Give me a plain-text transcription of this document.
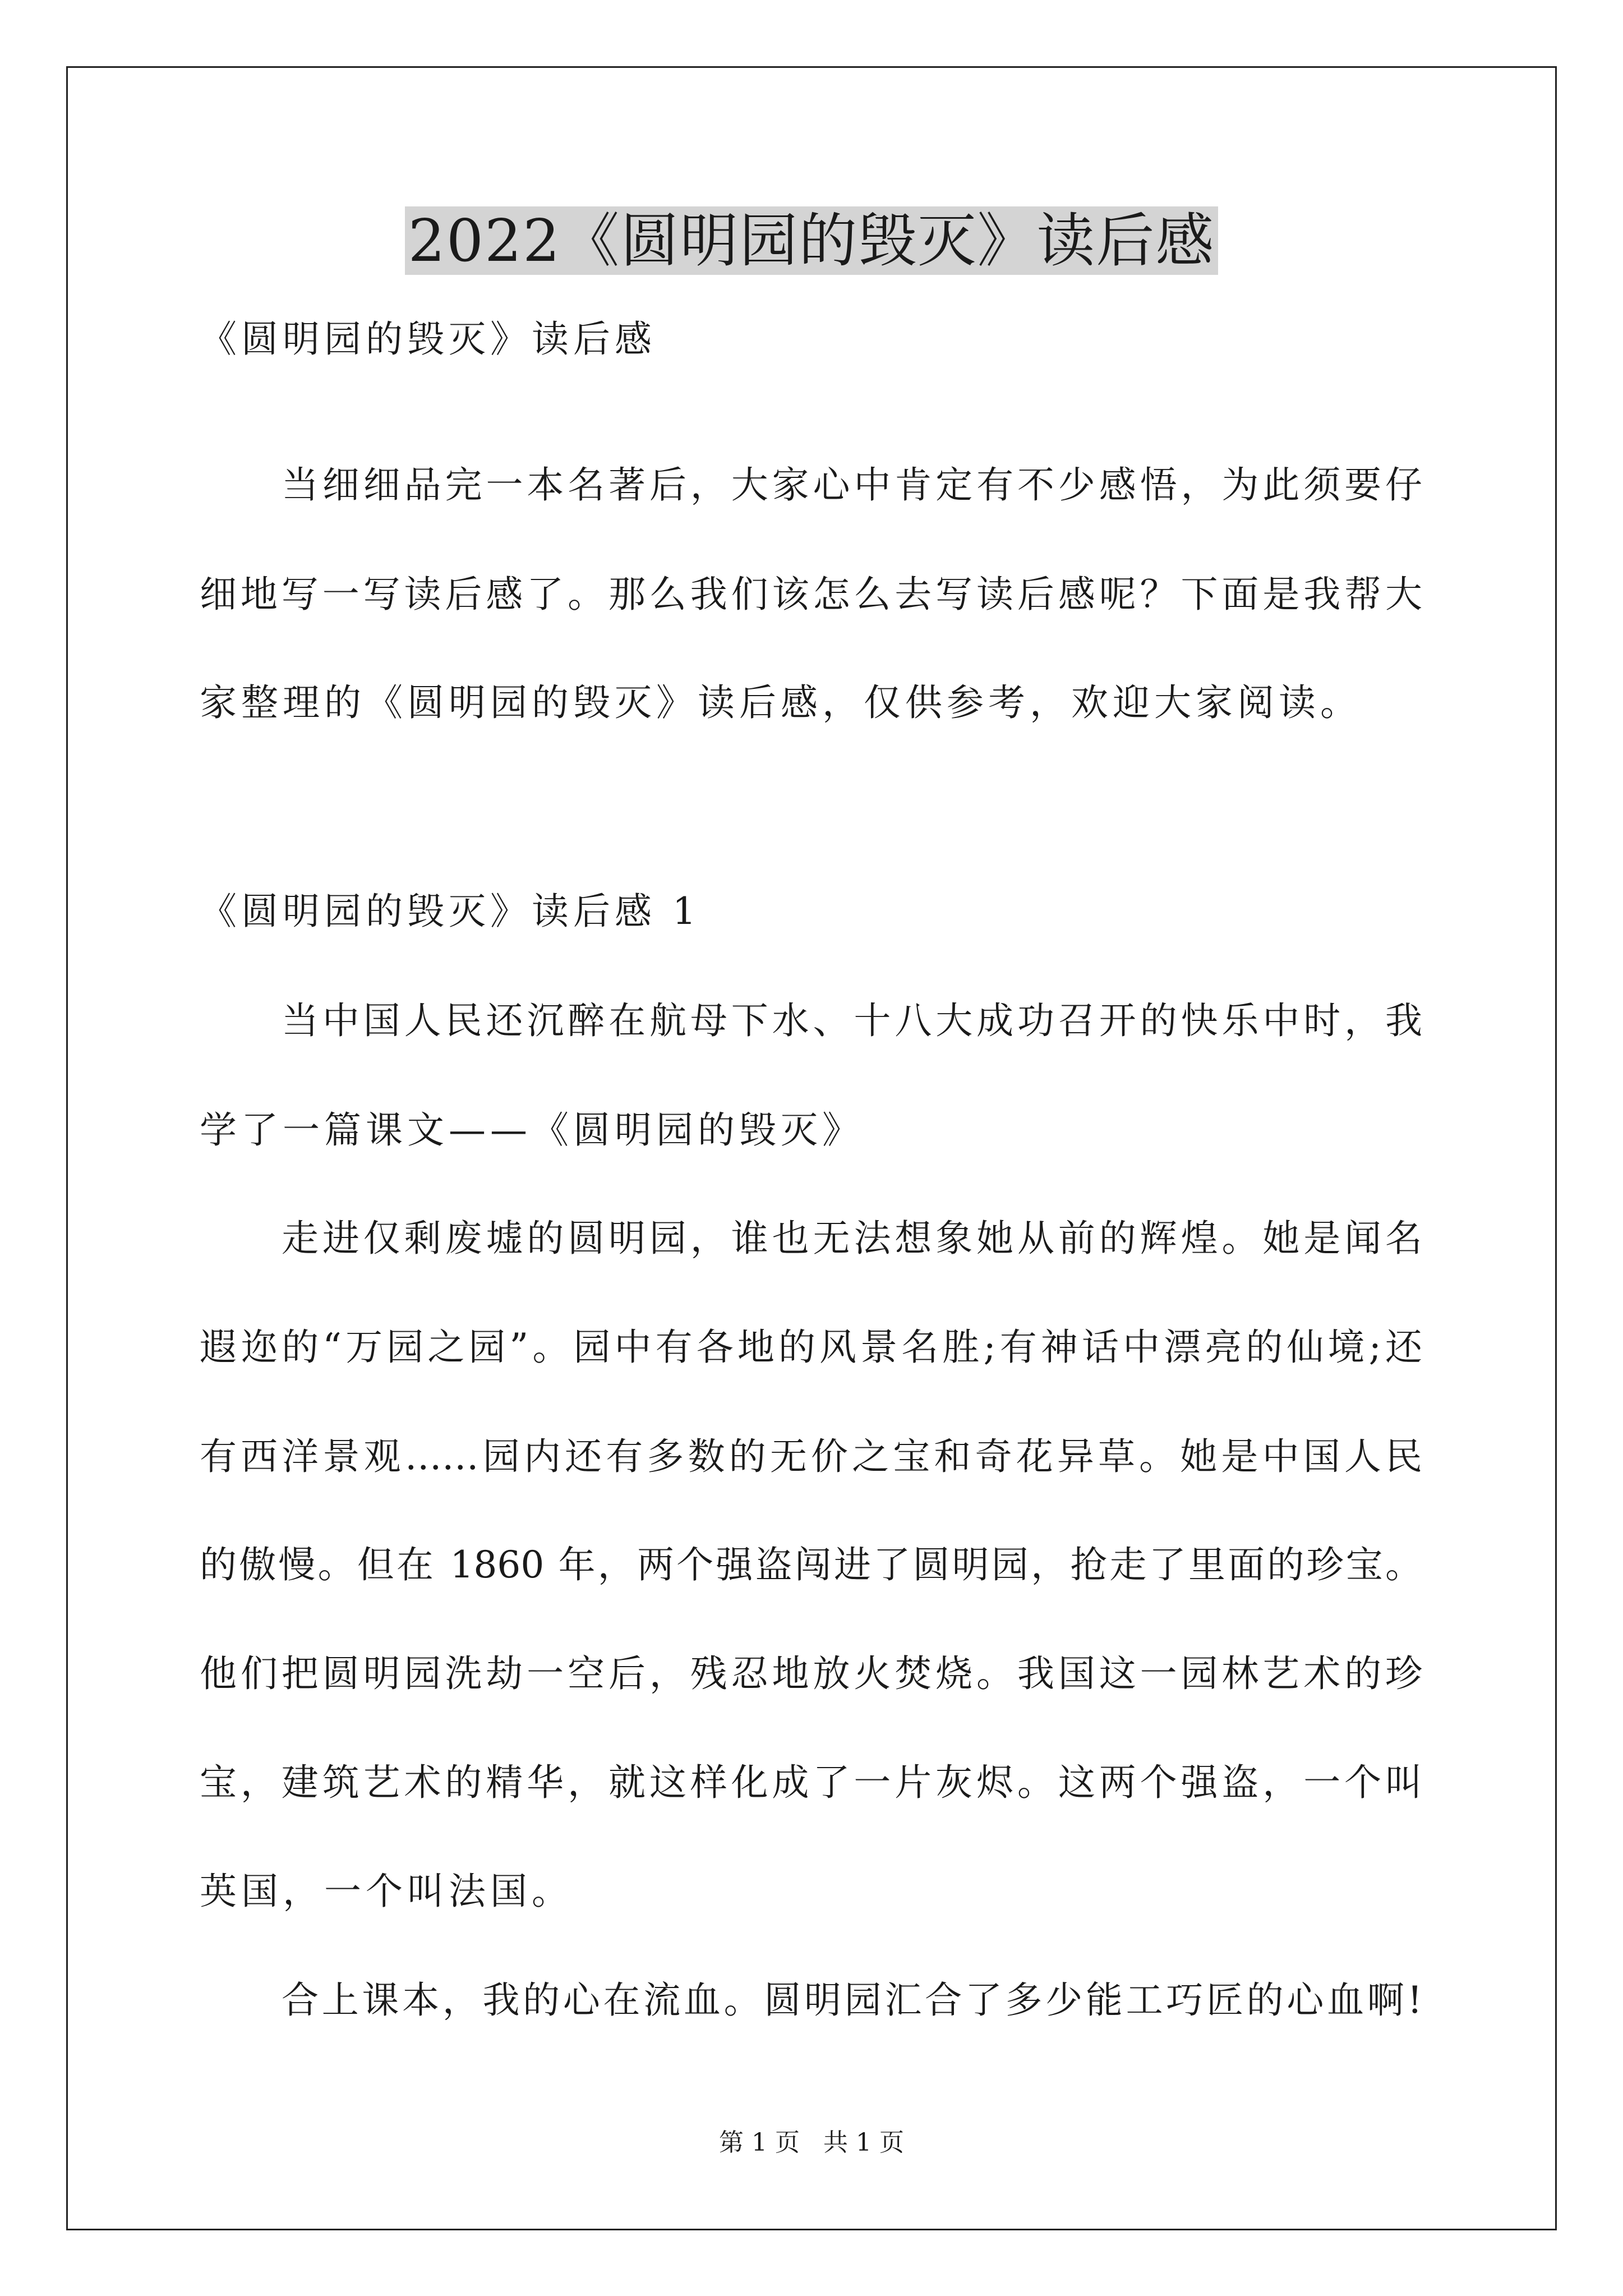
2022《圆明园的毁灭》读后感
《圆明园的毁灭》读后感
当细细品完一本名著后，大家心中肯定有不少感悟，为此须要仔
细地写一写读后感了。那么我们该怎么去写读后感呢？下面是我帮大
家整理的《圆明园的毁灭》读后感，仅供参考，欢迎大家阅读。
《圆明园的毁灭》读后感 1
当中国人民还沉醉在航母下水、十八大成功召开的快乐中时，我
学了一篇课文——《圆明园的毁灭》
走进仅剩废墟的圆明园，谁也无法想象她从前的辉煌。她是闻名
遐迩的“万园之园”。园中有各地的风景名胜;有神话中漂亮的仙境;还
有西洋景观……园内还有多数的无价之宝和奇花异草。她是中国人民
的傲慢。但在 1860 年，两个强盗闯进了圆明园，抢走了里面的珍宝。
他们把圆明园洗劫一空后，残忍地放火焚烧。我国这一园林艺术的珍
宝，建筑艺术的精华，就这样化成了一片灰烬。这两个强盗，一个叫
英国，一个叫法国。
合上课本，我的心在流血。圆明园汇合了多少能工巧匠的心血啊!
第 1 页   共 1 页
